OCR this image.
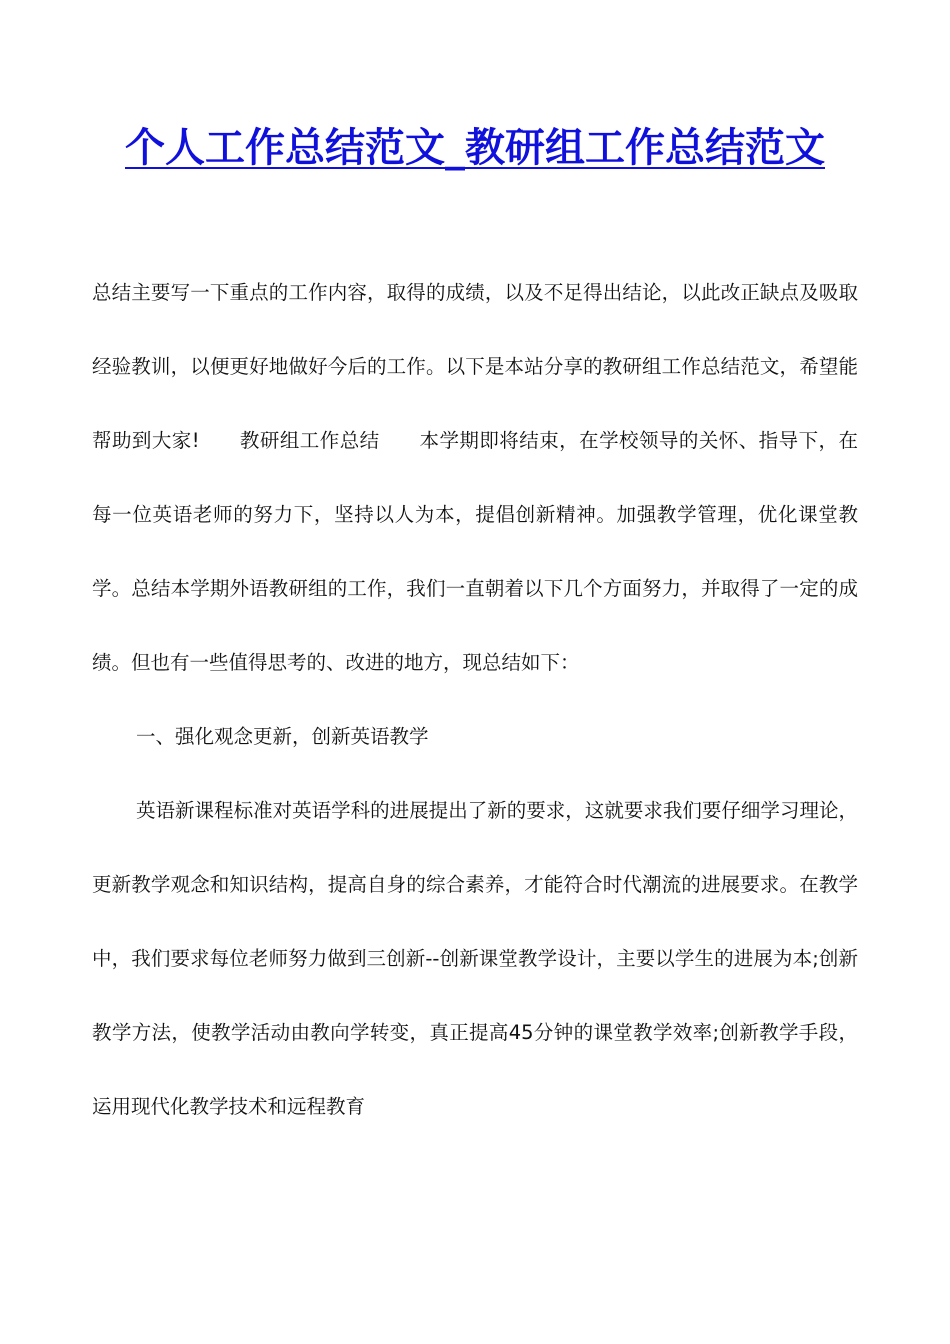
个人工作总结范文_教研组工作总结范文

总结主要写一下重点的工作内容，取得的成绩，以及不足得出结论，以此改正缺点及吸取经验教训，以便更好地做好今后的工作。以下是本站分享的教研组工作总结范文，希望能帮助到大家!　　教研组工作总结　　本学期即将结束，在学校领导的关怀、指导下，在每一位英语老师的努力下，坚持以人为本，提倡创新精神。加强教学管理，优化课堂教学。总结本学期外语教研组的工作，我们一直朝着以下几个方面努力，并取得了一定的成绩。但也有一些值得思考的、改进的地方，现总结如下：

一、强化观念更新，创新英语教学

英语新课程标准对英语学科的进展提出了新的要求，这就要求我们要仔细学习理论，更新教学观念和知识结构，提高自身的综合素养，才能符合时代潮流的进展要求。在教学中，我们要求每位老师努力做到三创新--创新课堂教学设计，主要以学生的进展为本;创新教学方法，使教学活动由教向学转变，真正提高45分钟的课堂教学效率;创新教学手段，运用现代化教学技术和远程教育
